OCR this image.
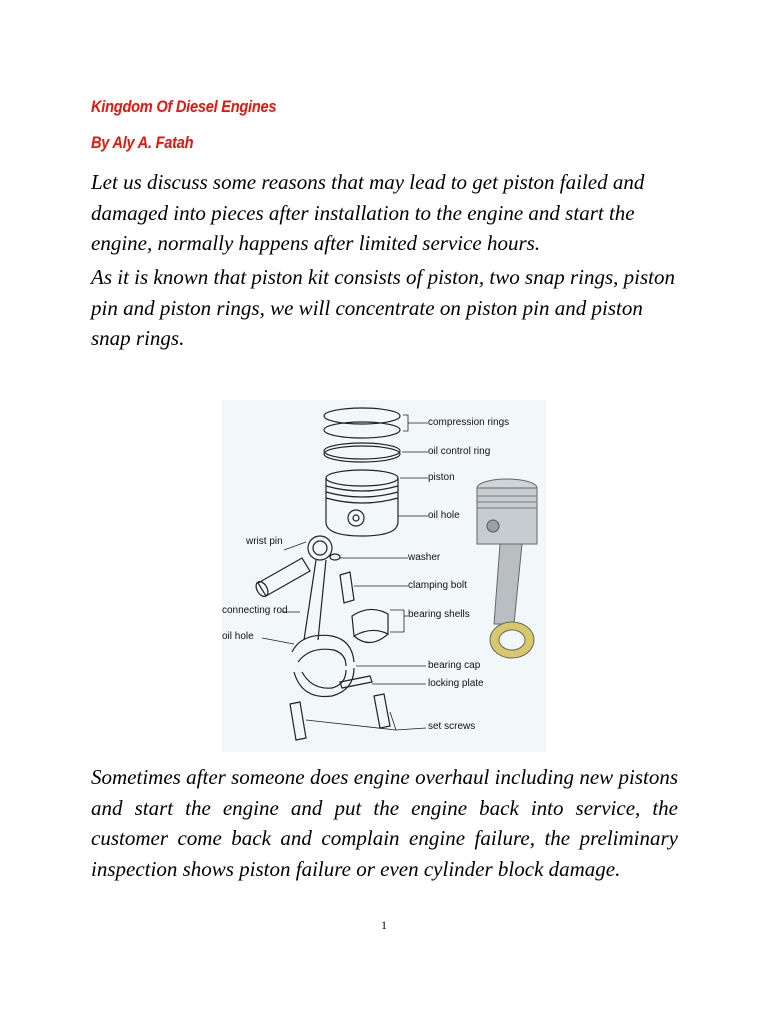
Kingdom Of Diesel Engines
By Aly A. Fatah

Let us discuss some reasons that may lead to get piston failed and damaged into pieces after installation to the engine and start the engine, normally happens after limited service hours.

As it is known that piston kit consists of piston, two snap rings, piston pin and piston rings, we will concentrate on piston pin and piston snap rings.

compression rings
oil control ring
piston
oil hole
wrist pin
washer
clamping bolt
connecting rod	bearing shells
oil hole
bearing cap
locking plate
set screws

Sometimes after someone does engine overhaul including new pistons and start the engine and put the engine back into service, the customer come back and complain engine failure, the preliminary inspection shows piston failure or even cylinder block damage.

1
